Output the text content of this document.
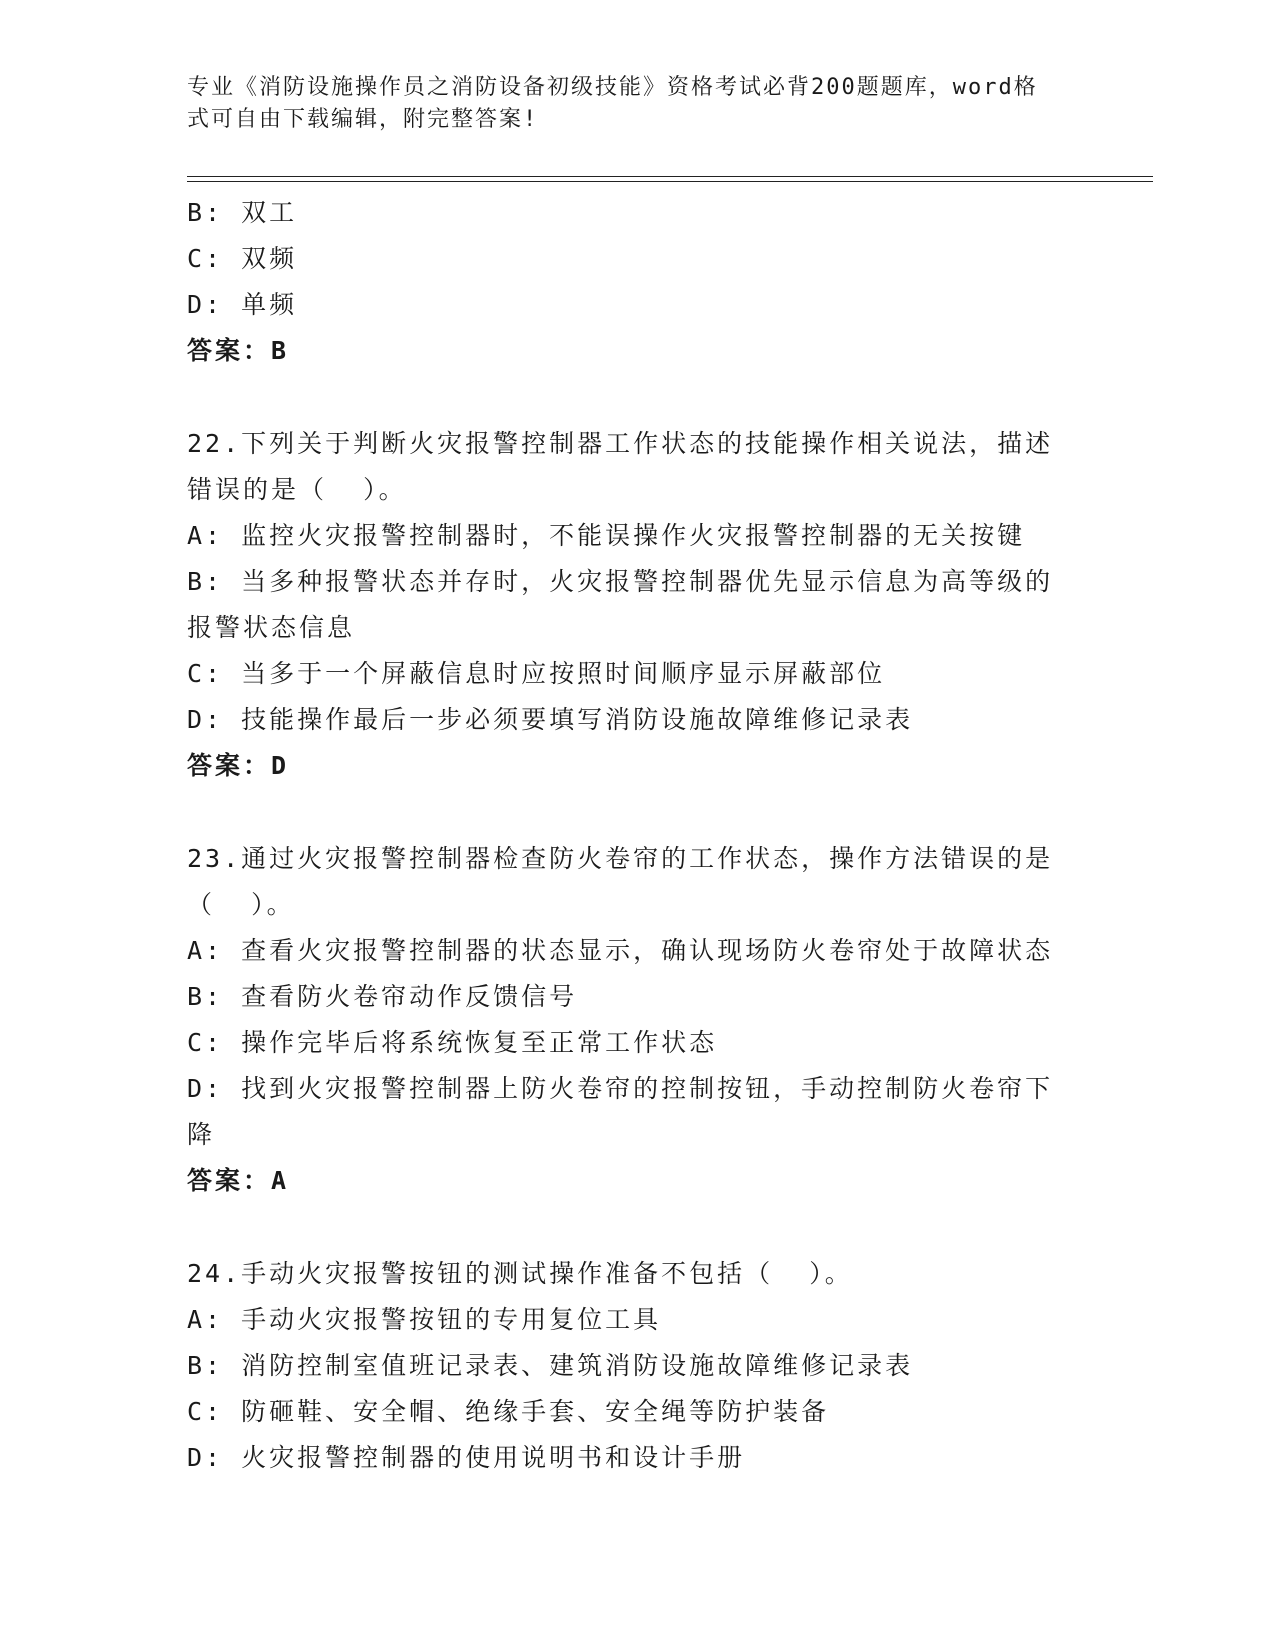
专业《消防设施操作员之消防设备初级技能》资格考试必背200题题库，word格
式可自由下载编辑，附完整答案!
B: 双工
C: 双频
D: 单频
答案：B
22.下列关于判断火灾报警控制器工作状态的技能操作相关说法，描述
错误的是（  ）。
A: 监控火灾报警控制器时，不能误操作火灾报警控制器的无关按键
B: 当多种报警状态并存时，火灾报警控制器优先显示信息为高等级的
报警状态信息
C: 当多于一个屏蔽信息时应按照时间顺序显示屏蔽部位
D: 技能操作最后一步必须要填写消防设施故障维修记录表
答案：D
23.通过火灾报警控制器检查防火卷帘的工作状态，操作方法错误的是
（  ）。
A: 查看火灾报警控制器的状态显示，确认现场防火卷帘处于故障状态
B: 查看防火卷帘动作反馈信号
C: 操作完毕后将系统恢复至正常工作状态
D: 找到火灾报警控制器上防火卷帘的控制按钮，手动控制防火卷帘下
降
答案：A
24.手动火灾报警按钮的测试操作准备不包括（  ）。
A: 手动火灾报警按钮的专用复位工具
B: 消防控制室值班记录表、建筑消防设施故障维修记录表
C: 防砸鞋、安全帽、绝缘手套、安全绳等防护装备
D: 火灾报警控制器的使用说明书和设计手册
